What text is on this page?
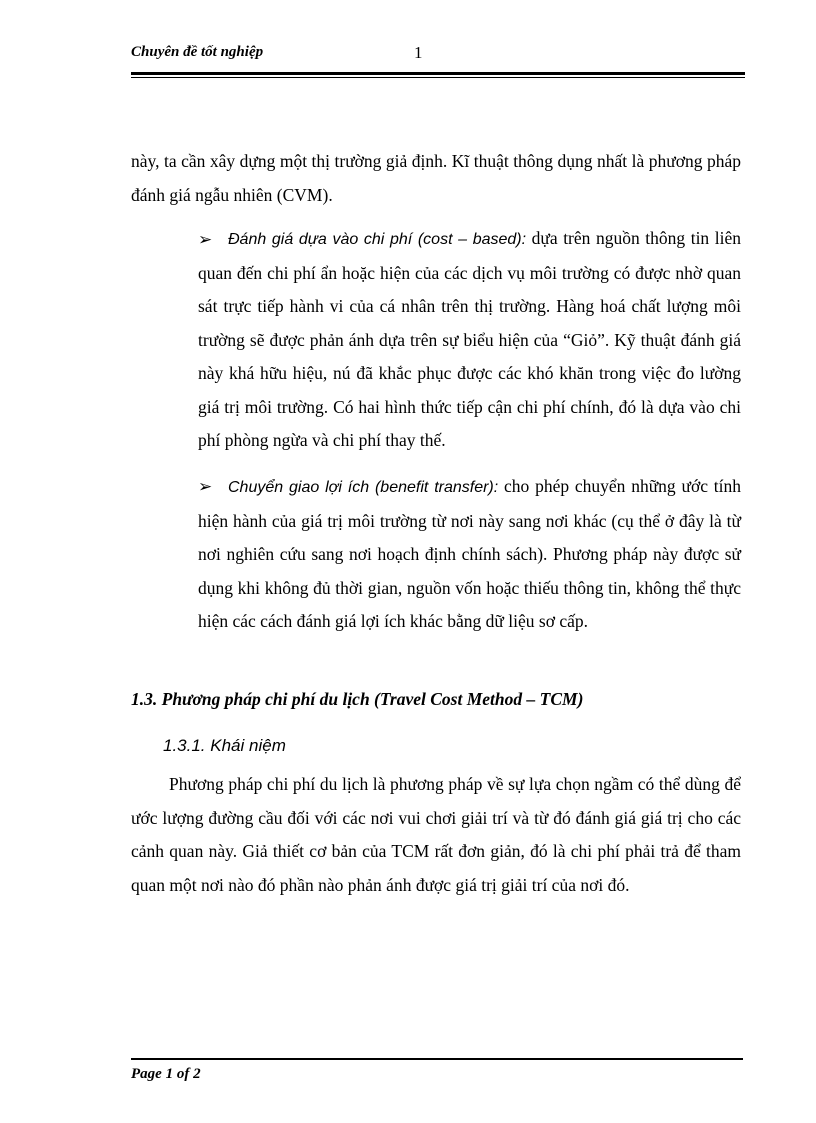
Chuyên đề tốt nghiệp	1
này, ta cần xây dựng một thị trường giả định. Kĩ thuật thông dụng nhất là phương pháp đánh giá ngẫu nhiên (CVM).
➢ Đánh giá dựa vào chi phí (cost – based): dựa trên nguồn thông tin liên quan đến chi phí ẩn hoặc hiện của các dịch vụ môi trường có được nhờ quan sát trực tiếp hành vi của cá nhân trên thị trường. Hàng hoá chất lượng môi trường sẽ được phản ánh dựa trên sự biểu hiện của “Giỏ”. Kỹ thuật đánh giá này khá hữu hiệu, nú đã khắc phục được các khó khăn trong việc đo lường giá trị môi trường. Có hai hình thức tiếp cận chi phí chính, đó là dựa vào chi phí phòng ngừa và chi phí thay thế.
➢ Chuyển giao lợi ích (benefit transfer): cho phép chuyển những ước tính hiện hành của giá trị môi trường từ nơi này sang nơi khác (cụ thể ở đây là từ nơi nghiên cứu sang nơi hoạch định chính sách). Phương pháp này được sử dụng khi không đủ thời gian, nguồn vốn hoặc thiếu thông tin, không thể thực hiện các cách đánh giá lợi ích khác bằng dữ liệu sơ cấp.
1.3. Phương pháp chi phí du lịch (Travel Cost Method – TCM)
1.3.1. Khái niệm
Phương pháp chi phí du lịch là phương pháp về sự lựa chọn ngầm có thể dùng để ước lượng đường cầu đối với các nơi vui chơi giải trí và từ đó đánh giá giá trị cho các cảnh quan này. Giả thiết cơ bản của TCM rất đơn giản, đó là chi phí phải trả để tham quan một nơi nào đó phần nào phản ánh được giá trị giải trí của nơi đó.
Page 1 of 2
